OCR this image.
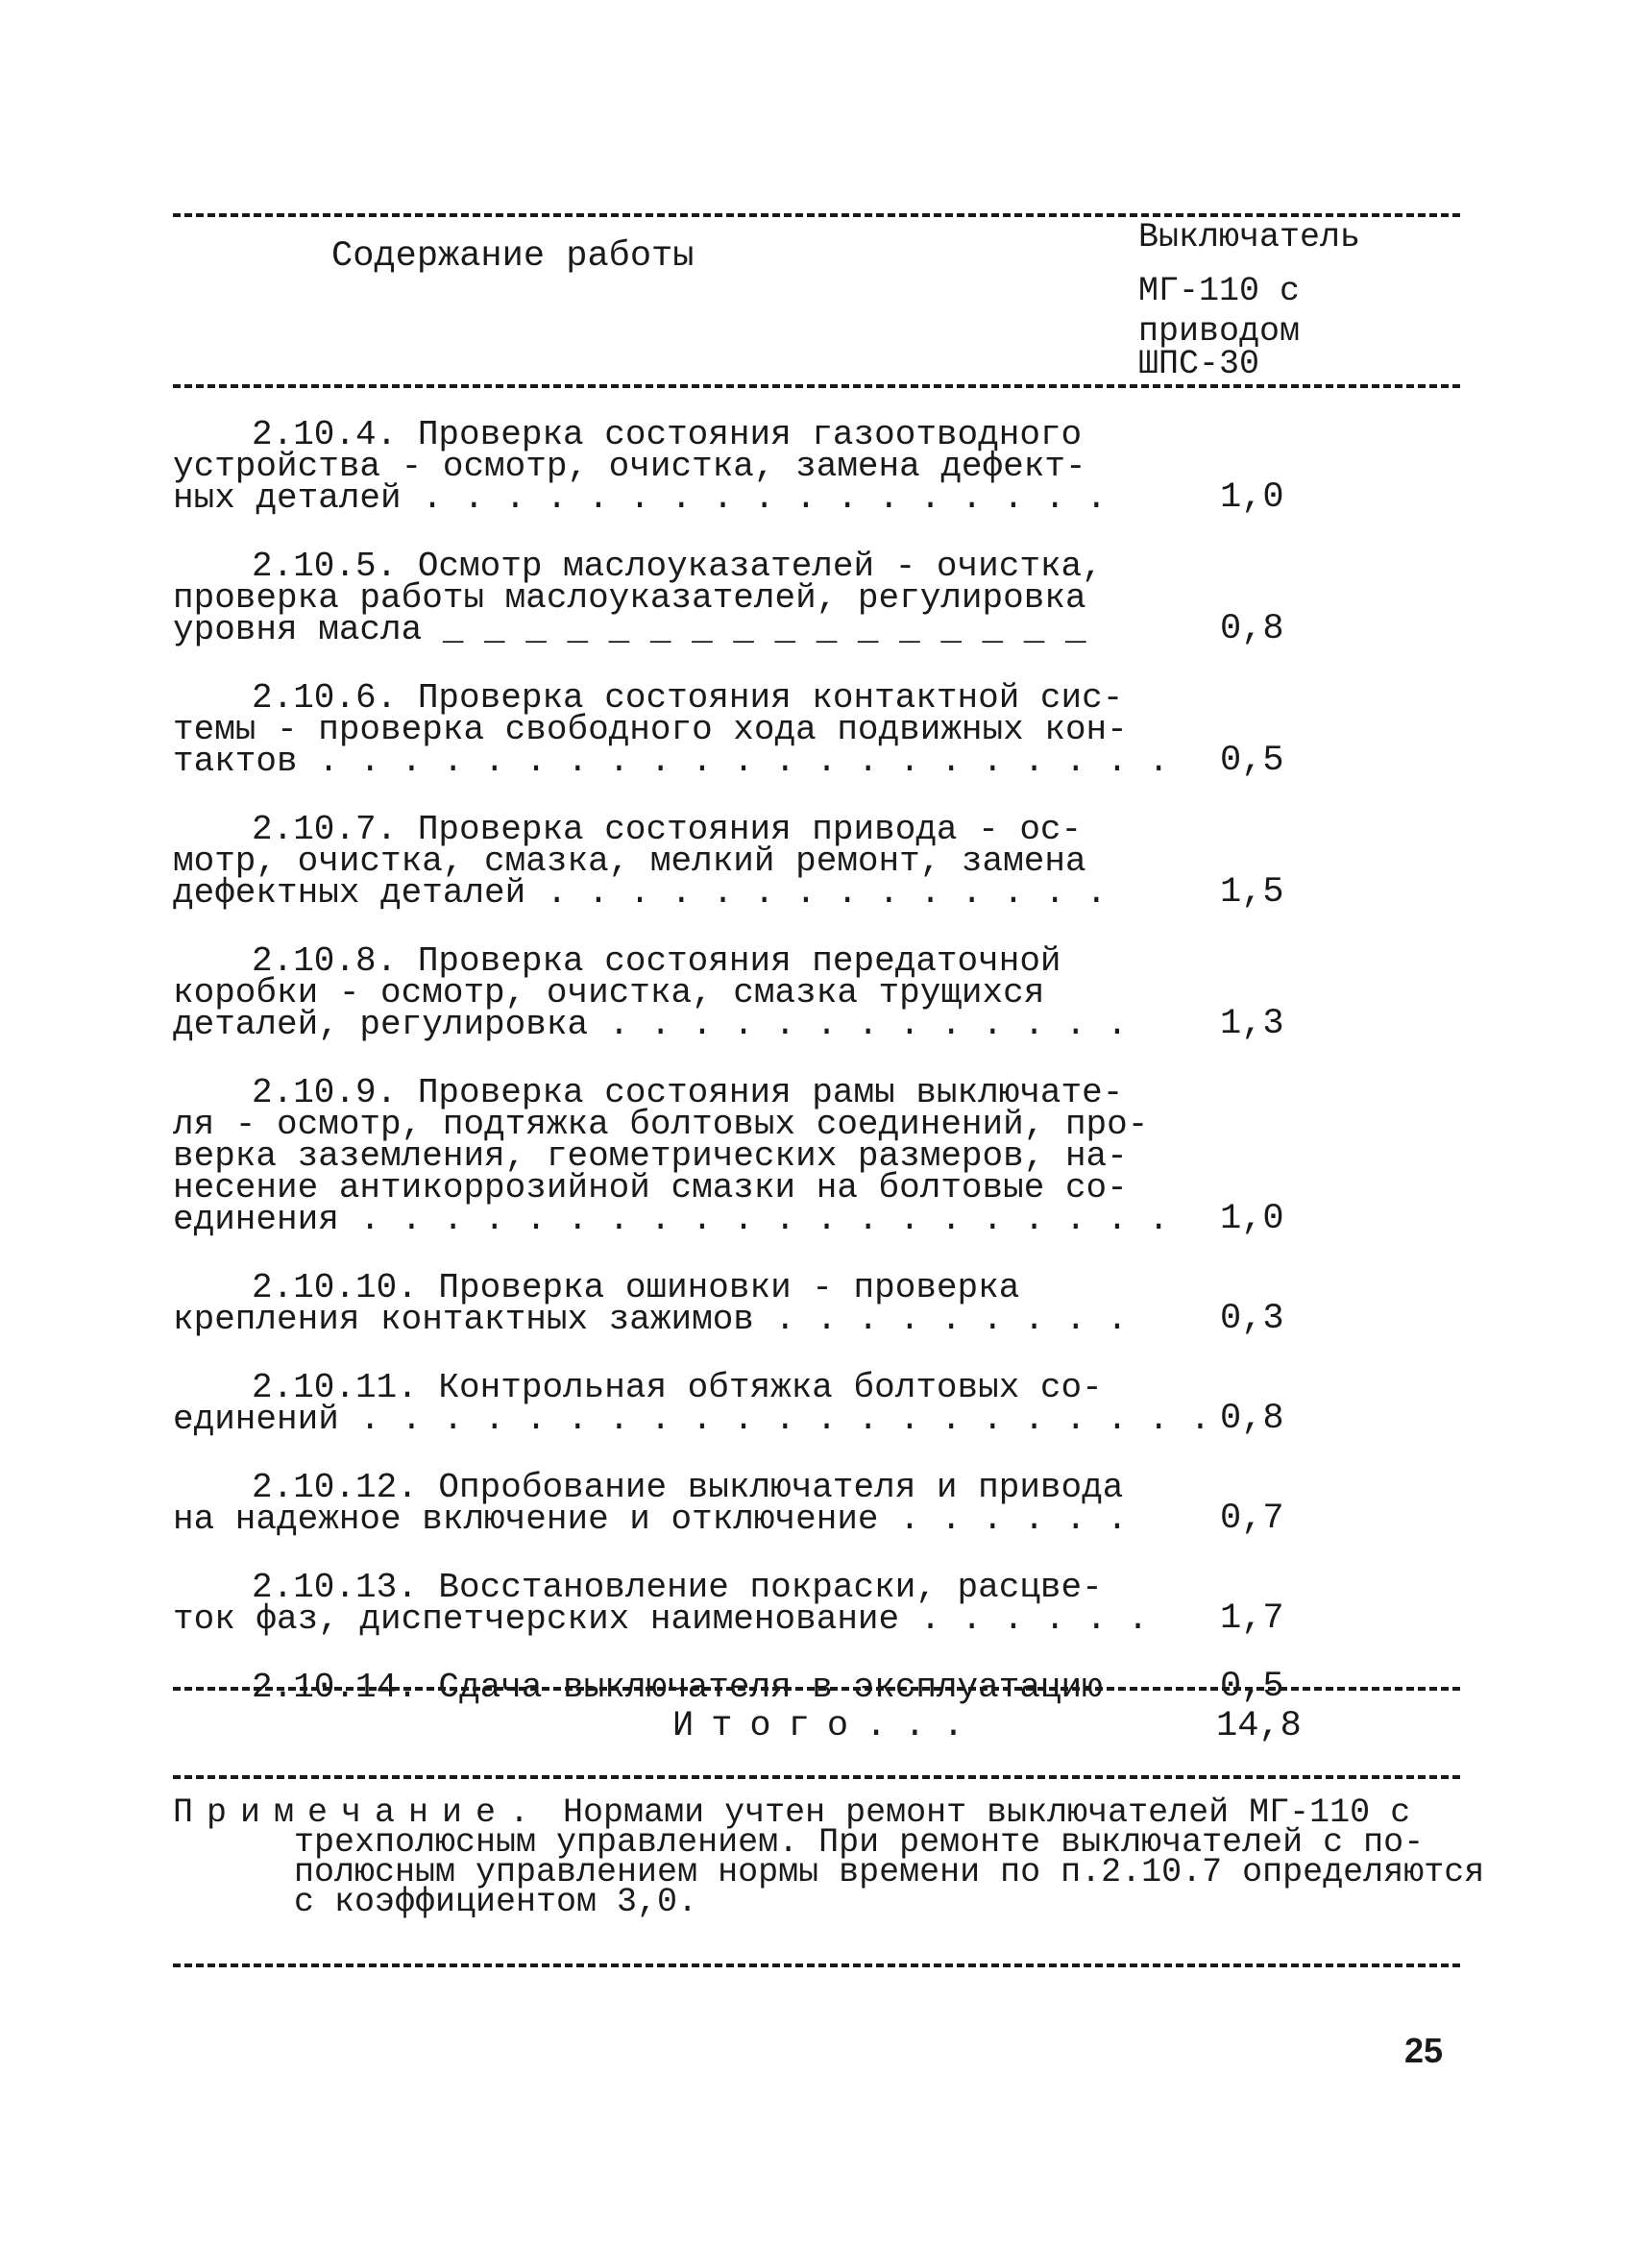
Содержание работы	Выключатель
МГ-110 с
приводом
ШПС-30
2.10.4. Проверка состояния газоотводного
устройства - осмотр, очистка, замена дефект-
ных деталей . . . . . . . . . . . . . . . . .	1,0
2.10.5. Осмотр маслоуказателей - очистка,
проверка работы маслоуказателей, регулировка
уровня масла _ _ _ _ _ _ _ _ _ _ _ _ _ _ _ _	0,8
2.10.6. Проверка состояния контактной сис-
темы - проверка свободного хода подвижных кон-
тактов . . . . . . . . . . . . . . . . . . . . . 0,5
2.10.7. Проверка состояния привода - ос-
мотр, очистка, смазка, мелкий ремонт, замена
дефектных деталей . . . . . . . . . . . . . .	1,5
2.10.8. Проверка состояния передаточной
коробки - осмотр, очистка, смазка трущихся
деталей, регулировка . . . . . . . . . . . . .	1,3
2.10.9. Проверка состояния рамы выключате-
ля - осмотр, подтяжка болтовых соединений, про-
верка заземления, геометрических размеров, на-
несение антикоррозийной смазки на болтовые со-
единения . . . . . . . . . . . . . . . . . . . . 1,0
2.10.10. Проверка ошиновки - проверка
крепления контактных зажимов . . . . . . . . .	0,3
2.10.11. Контрольная обтяжка болтовых со-
единений . . . . . . . . . . . . . . . . . . . . . 0,8
2.10.12. Опробование выключателя и привода
на надежное включение и отключение . . . . . .	0,7
2.10.13. Восстановление покраски, расцве-
ток фаз, диспетчерских наименование . . . . . . 1,7
2.10.14. Сдача выключателя в эксплуатацию	0,5
Итого...	14,8
Примечание. Нормами учтен ремонт выключателей МГ-110 с
трехполюсным управлением. При ремонте выключателей с по-
полюсным управлением нормы времени по п.2.10.7 определяются
с коэффициентом 3,0.
25
